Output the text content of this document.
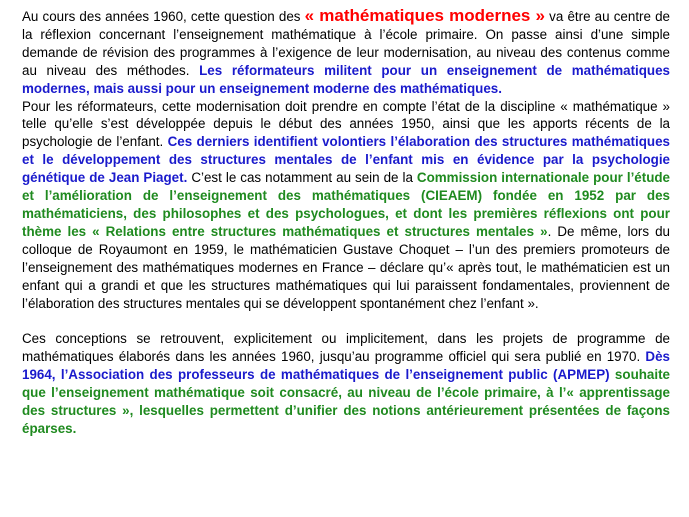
Au cours des années 1960, cette question des « mathématiques modernes » va être au centre de la réflexion concernant l’enseignement mathématique à l’école primaire. On passe ainsi d’une simple demande de révision des programmes à l’exigence de leur modernisation, au niveau des contenus comme au niveau des méthodes. Les réformateurs militent pour un enseignement de mathématiques modernes, mais aussi pour un enseignement moderne des mathématiques.
Pour les réformateurs, cette modernisation doit prendre en compte l’état de la discipline « mathématique » telle qu’elle s’est développée depuis le début des années 1950, ainsi que les apports récents de la psychologie de l’enfant. Ces derniers identifient volontiers l’élaboration des structures mathématiques et le développement des structures mentales de l’enfant mis en évidence par la psychologie génétique de Jean Piaget. C’est le cas notamment au sein de la Commission internationale pour l’étude et l’amélioration de l’enseignement des mathématiques (CIEAEM) fondée en 1952 par des mathématiciens, des philosophes et des psychologues, et dont les premières réflexions ont pour thème les « Relations entre structures mathématiques et structures mentales ». De même, lors du colloque de Royaumont en 1959, le mathématicien Gustave Choquet – l’un des premiers promoteurs de l’enseignement des mathématiques modernes en France – déclare qu’« après tout, le mathématicien est un enfant qui a grandi et que les structures mathématiques qui lui paraissent fondamentales, proviennent de l’élaboration des structures mentales qui se développent spontanément chez l’enfant ».

Ces conceptions se retrouvent, explicitement ou implicitement, dans les projets de programme de mathématiques élaborés dans les années 1960, jusqu’au programme officiel qui sera publié en 1970. Dès 1964, l’Association des professeurs de mathématiques de l’enseignement public (APMEP) souhaite que l’enseignement mathématique soit consacré, au niveau de l’école primaire, à l’« apprentissage des structures », lesquelles permettent d’unifier des notions antérieurement présentées de façons éparses.
